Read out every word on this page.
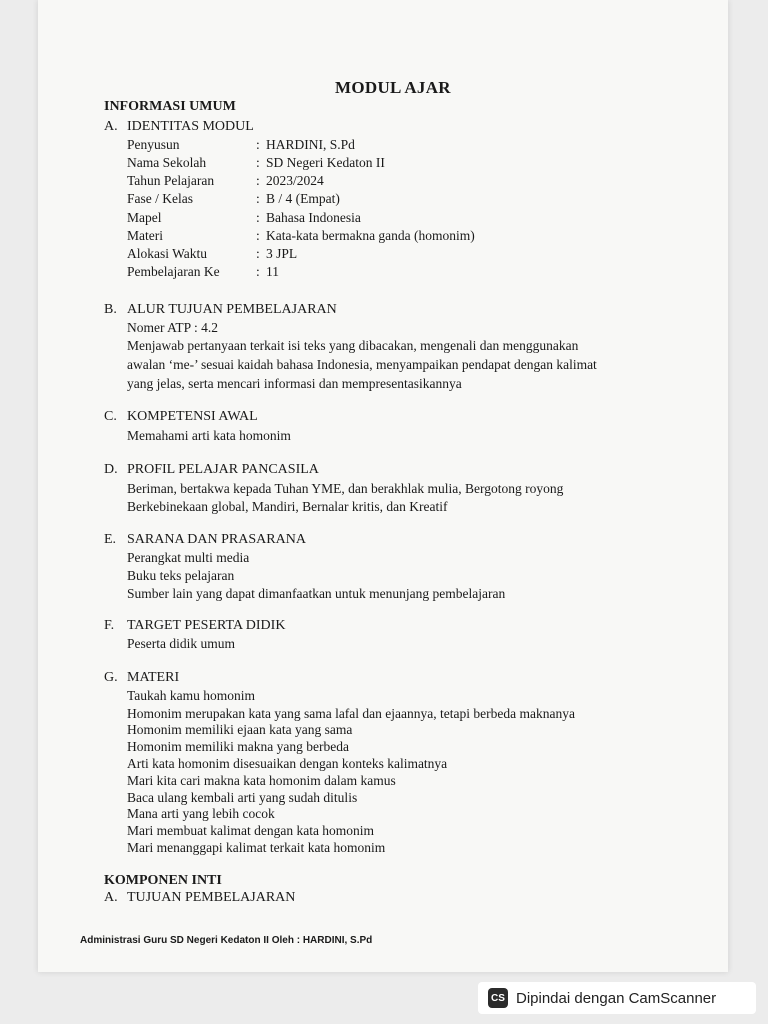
MODUL AJAR
INFORMASI UMUM
A. IDENTITAS MODUL
Penyusun	: HARDINI, S.Pd
Nama Sekolah	: SD Negeri Kedaton II
Tahun Pelajaran	: 2023/2024
Fase / Kelas	: B / 4 (Empat)
Mapel	: Bahasa Indonesia
Materi	: Kata-kata bermakna ganda (homonim)
Alokasi Waktu	: 3 JPL
Pembelajaran Ke	: 11
B. ALUR TUJUAN PEMBELAJARAN
Nomer ATP : 4.2
Menjawab pertanyaan terkait isi teks yang dibacakan, mengenali dan menggunakan
awalan ‘me-’ sesuai kaidah bahasa Indonesia, menyampaikan pendapat dengan kalimat
yang jelas, serta mencari informasi dan mempresentasikannya
C. KOMPETENSI AWAL
Memahami arti kata homonim
D. PROFIL PELAJAR PANCASILA
Beriman, bertakwa kepada Tuhan YME, dan berakhlak mulia, Bergotong royong
Berkebinekaan global, Mandiri, Bernalar kritis, dan Kreatif
E. SARANA DAN PRASARANA
Perangkat multi media
Buku teks pelajaran
Sumber lain yang dapat dimanfaatkan untuk menunjang pembelajaran
F. TARGET PESERTA DIDIK
Peserta didik umum
G. MATERI
Taukah kamu homonim
Homonim merupakan kata yang sama lafal dan ejaannya, tetapi berbeda maknanya
Homonim memiliki ejaan kata yang sama
Homonim memiliki makna yang berbeda
Arti kata homonim disesuaikan dengan konteks kalimatnya
Mari kita cari makna kata homonim dalam kamus
Baca ulang kembali arti yang sudah ditulis
Mana arti yang lebih cocok
Mari membuat kalimat dengan kata homonim
Mari menanggapi kalimat terkait kata homonim
KOMPONEN INTI
A. TUJUAN PEMBELAJARAN
Administrasi Guru SD Negeri Kedaton II Oleh : HARDINI, S.Pd
CS Dipindai dengan CamScanner
